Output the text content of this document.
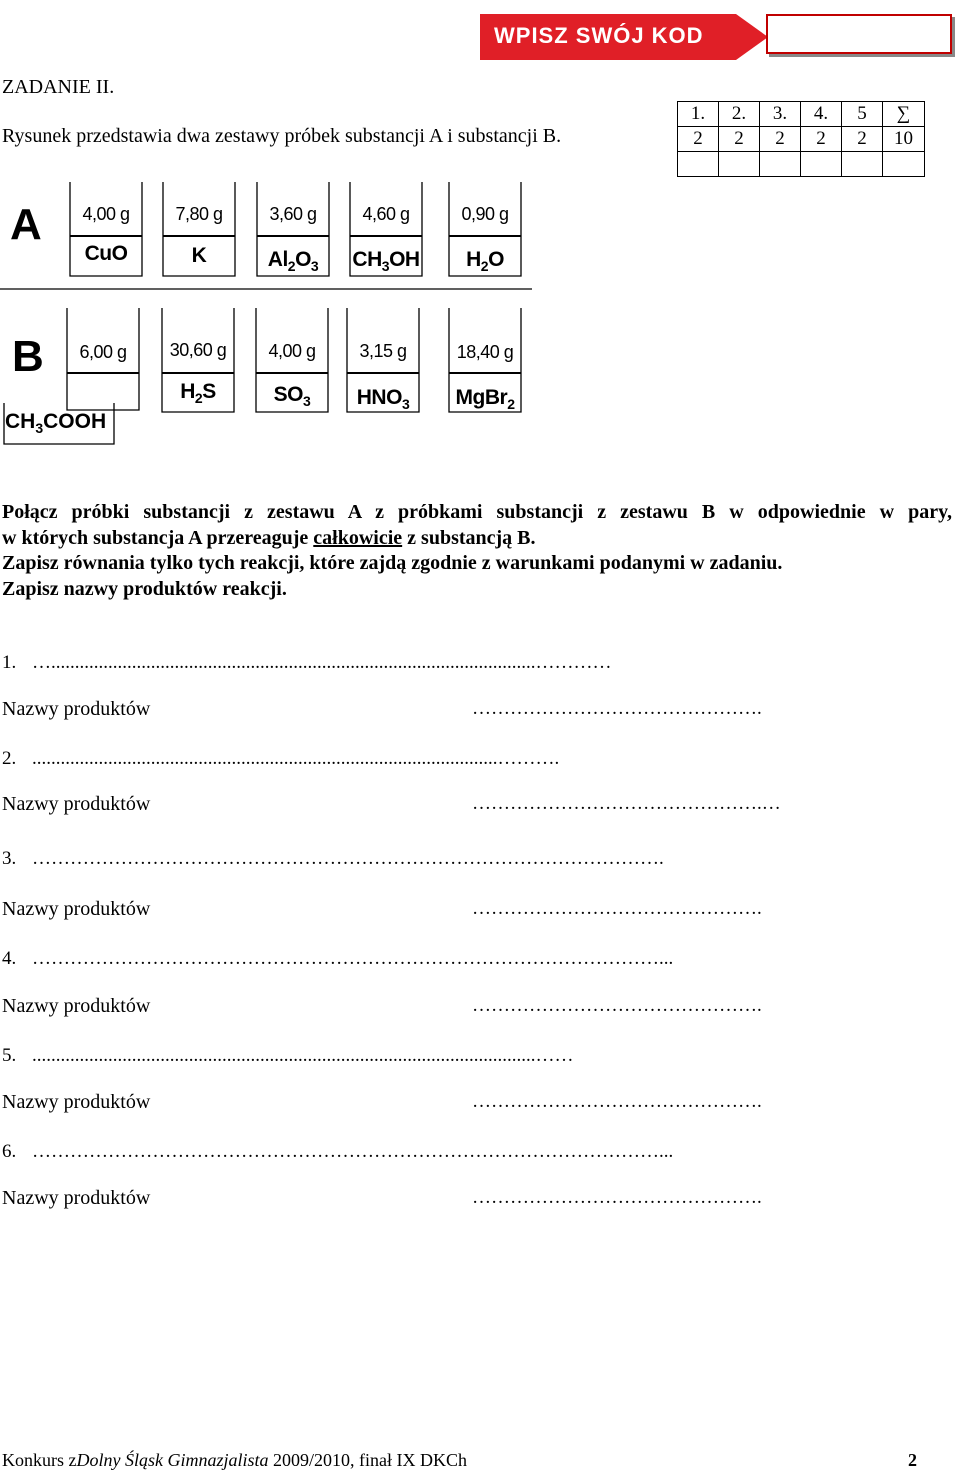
WPISZ SWÓJ KOD
ZADANIE II.
Rysunek przedstawia dwa zestawy próbek substancji A i substancji B.
1.	2.	3.	4.	5	∑
2	2	2	2	2	10

A
B
4,00 g
CuO
7,80 g
K
3,60 g
$Al_2O_3$
4,60 g
$CH_3OH$
0,90 g
$H_2O$
6,00 g
$CH_3COOH$
30,60 g
$H_2S$
4,00 g
$SO_3$
3,15 g
$HNO_3$
18,40 g
MgBr$_2$

Połącz próbki substancji z zestawu A z próbkami substancji z zestawu B w odpowiednie w pary,

w których substancja A przereaguje całkowicie z substancją B.

Zapisz równania tylko tych reakcji, które zajdą zgodnie z warunkami podanymi w zadaniu.

Zapisz nazwy produktów reakcji.

1. …......................................................................................................…………
Nazwy produktów	……………………………………….
2. ..................................................................................................……….
Nazwy produktów	……………………………………….…
3. ……………………………………………………………………………………….
Nazwy produktów	……………………………………….
4. ………………………………………………………………………………………...
Nazwy produktów	……………………………………….
5. ..........................................................................................................……
Nazwy produktów	……………………………………….
6. ………………………………………………………………………………………...
Nazwy produktów	……………………………………….
Konkurs zDolny Śląsk Gimnazjalista 2009/2010, finał IX DKCh	2
